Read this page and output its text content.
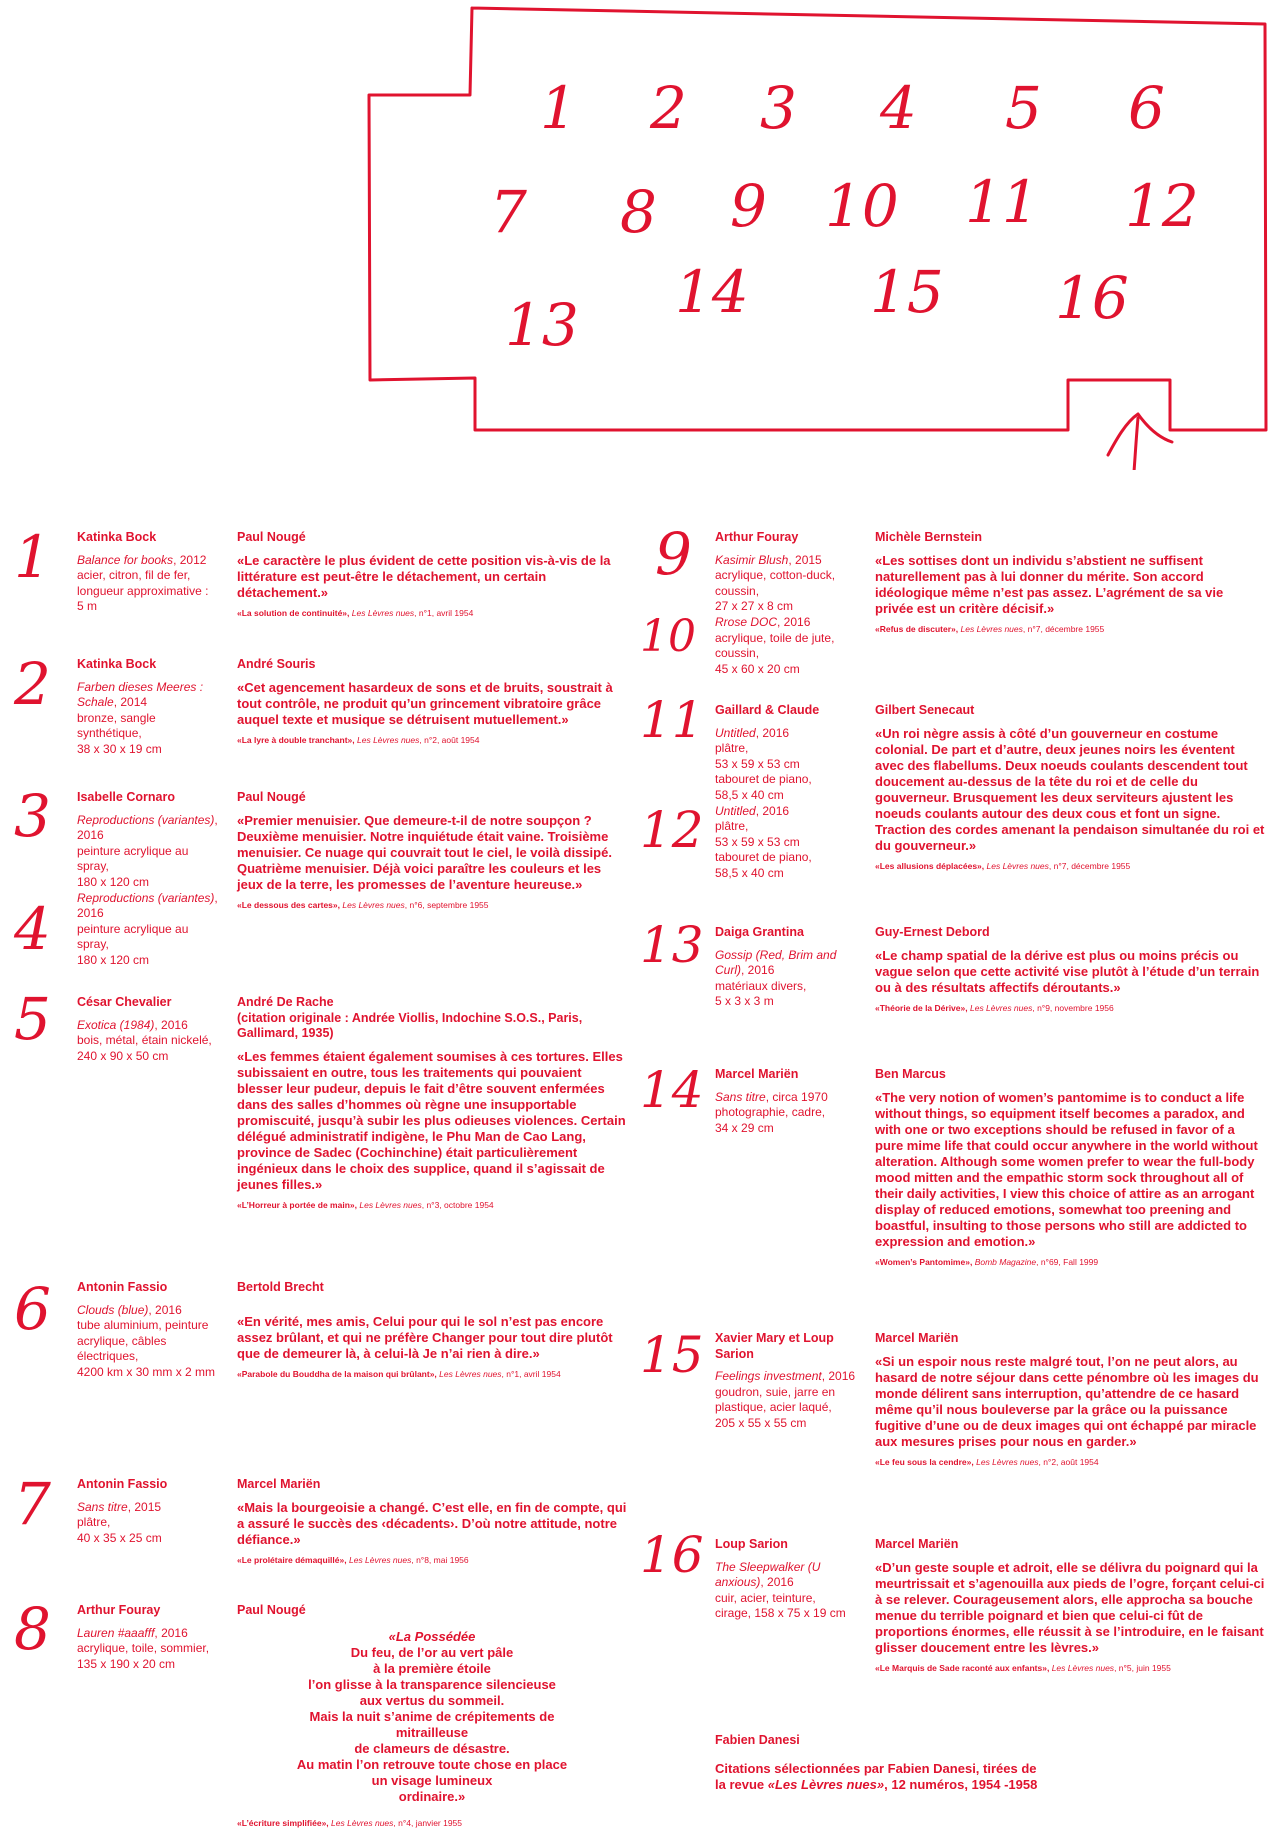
1 2 3 4 5 6
7 8 9 10 11 12
13 14 15 16
1 Katinka Bock

Balance for books, 2012

acier, citron, fil de fer,

longueur approximative :

5 m

Paul Nougé

«Le caractère le plus évident de cette position vis-à-vis de la littérature est peut-être le détachement, un certain détachement.»

«La solution de continuité», Les Lèvres nues, n°1, avril 1954

2 Katinka Bock

Farben dieses Meeres : Schale, 2014

bronze, sangle

synthétique,

38 x 30 x 19 cm

André Souris

«Cet agencement hasardeux de sons et de bruits, soustrait à tout contrôle, ne produit qu’un grincement vibratoire grâce auquel texte et musique se détruisent mutuellement.»

«La lyre à double tranchant», Les Lèvres nues, n°2, août 1954

3
4

Isabelle Cornaro

Reproductions (variantes), 2016

peinture acrylique au

spray,

180 x 120 cm

Reproductions (variantes), 2016

peinture acrylique au

spray,

180 x 120 cm

Paul Nougé

«Premier menuisier. Que demeure-t-il de notre soupçon ? Deuxième menuisier. Notre inquiétude était vaine. Troisième menuisier. Ce nuage qui couvrait tout le ciel, le voilà dissipé. Quatrième menuisier. Déjà voici paraître les couleurs et les jeux de la terre, les promesses de l’aventure heureuse.»

«Le dessous des cartes», Les Lèvres nues, n°6, septembre 1955

5 César Chevalier

Exotica (1984), 2016

bois, métal, étain nickelé,

240 x 90 x 50 cm

André De Rache

(citation originale : Andrée Viollis, Indochine S.O.S., Paris, Gallimard, 1935)

«Les femmes étaient également soumises à ces tortures. Elles subissaient en outre, tous les traitements qui pouvaient blesser leur pudeur, depuis le fait d’être souvent enfermées dans des salles d’hommes où règne une insupportable promiscuité, jusqu’à subir les plus odieuses violences. Certain délégué administratif indigène, le Phu Man de Cao Lang, province de Sadec (Cochinchine) était particulièrement ingénieux dans le choix des supplice, quand il s’agissait de jeunes filles.»

«L’Horreur à portée de main», Les Lèvres nues, n°3, octobre 1954

6 Antonin Fassio

Clouds (blue), 2016

tube aluminium, peinture

acrylique, câbles

électriques,

4200 km x 30 mm x 2 mm

Bertold Brecht

«En vérité, mes amis, Celui pour qui le sol n’est pas encore assez brûlant, et qui ne préfère Changer pour tout dire plutôt que de demeurer là, à celui-là Je n’ai rien à dire.»

«Parabole du Bouddha de la maison qui brûlant», Les Lèvres nues, n°1, avril 1954

7 Antonin Fassio

Sans titre, 2015

plâtre,

40 x 35 x 25 cm

Marcel Mariën

«Mais la bourgeoisie a changé. C’est elle, en fin de compte, qui a assuré le succès des ‹décadents›. D’où notre attitude, notre défiance.»

«Le prolétaire démaquillé», Les Lèvres nues, n°8, mai 1956

8 Arthur Fouray

Lauren #aaafff, 2016

acrylique, toile, sommier,

135 x 190 x 20 cm

Paul Nougé

«La Possédée

Du feu, de l’or au vert pâle

à la première étoile

l’on glisse à la transparence silencieuse

aux vertus du sommeil.

Mais la nuit s’anime de crépitements de

mitrailleuse

de clameurs de désastre.

Au matin l’on retrouve toute chose en place

un visage lumineux

ordinaire.»

«L’écriture simplifiée», Les Lèvres nues, n°4, janvier 1955

9
10

Arthur Fouray

Kasimir Blush, 2015

acrylique, cotton-duck,

coussin,

27 x 27 x 8 cm

Rrose DOC, 2016

acrylique, toile de jute,

coussin,

45 x 60 x 20 cm

Michèle Bernstein

«Les sottises dont un individu s’abstient ne suffisent naturellement pas à lui donner du mérite. Son accord idéologique même n’est pas assez. L’agrément de sa vie privée est un critère décisif.»

«Refus de discuter», Les Lèvres nues, n°7, décembre 1955

11
12

Gaillard & Claude

Untitled, 2016

plâtre,

53 x 59 x 53 cm

tabouret de piano,

58,5 x 40 cm

Untitled, 2016

plâtre,

53 x 59 x 53 cm

tabouret de piano,

58,5 x 40 cm

Gilbert Senecaut

«Un roi nègre assis à côté d’un gouverneur en costume colonial. De part et d’autre, deux jeunes noirs les éventent avec des flabellums. Deux noeuds coulants descendent tout doucement au-dessus de la tête du roi et de celle du gouverneur. Brusquement les deux serviteurs ajustent les noeuds coulants autour des deux cous et font un signe. Traction des cordes amenant la pendaison simultanée du roi et du gouverneur.»

«Les allusions déplacées», Les Lèvres nues, n°7, décembre 1955

13 Daiga Grantina

Gossip (Red, Brim and Curl), 2016

matériaux divers,

5 x 3 x 3 m

Guy-Ernest Debord

«Le champ spatial de la dérive est plus ou moins précis ou vague selon que cette activité vise plutôt à l’étude d’un terrain ou à des résultats affectifs déroutants.»

«Théorie de la Dérive», Les Lèvres nues, n°9, novembre 1956

14 Marcel Mariën

Sans titre, circa 1970

photographie, cadre,

34 x 29 cm

Ben Marcus

«The very notion of women’s pantomime is to conduct a life without things, so equipment itself becomes a paradox, and with one or two exceptions should be refused in favor of a pure mime life that could occur anywhere in the world without alteration. Although some women prefer to wear the full-body mood mitten and the empathic storm sock throughout all of their daily activities, I view this choice of attire as an arrogant display of reduced emotions, somewhat too preening and boastful, insulting to those persons who still are addicted to expression and emotion.»

«Women’s Pantomime», Bomb Magazine, n°69, Fall 1999

15 Xavier Mary et Loup Sarion

Feelings investment, 2016

goudron, suie, jarre en

plastique, acier laqué,

205 x 55 x 55 cm

Marcel Mariën

«Si un espoir nous reste malgré tout, l’on ne peut alors, au hasard de notre séjour dans cette pénombre où les images du monde délirent sans interruption, qu’attendre de ce hasard même qu’il nous bouleverse par la grâce ou la puissance fugitive d’une ou de deux images qui ont échappé par miracle aux mesures prises pour nous en garder.»

«Le feu sous la cendre», Les Lèvres nues, n°2, août 1954

16 Loup Sarion

The Sleepwalker (U anxious), 2016

cuir, acier, teinture,

cirage, 158 x 75 x 19 cm

Marcel Mariën

«D’un geste souple et adroit, elle se délivra du poignard qui la meurtrissait et s’agenouilla aux pieds de l’ogre, forçant celui-ci à se relever. Courageusement alors, elle approcha sa bouche menue du terrible poignard et bien que celui-ci fût de proportions énormes, elle réussit à se l’introduire, en le faisant glisser doucement entre les lèvres.»

«Le Marquis de Sade raconté aux enfants», Les Lèvres nues, n°5, juin 1955

Fabien Danesi

Citations sélectionnées par Fabien Danesi, tirées de

la revue «Les Lèvres nues», 12 numéros, 1954 -1958
